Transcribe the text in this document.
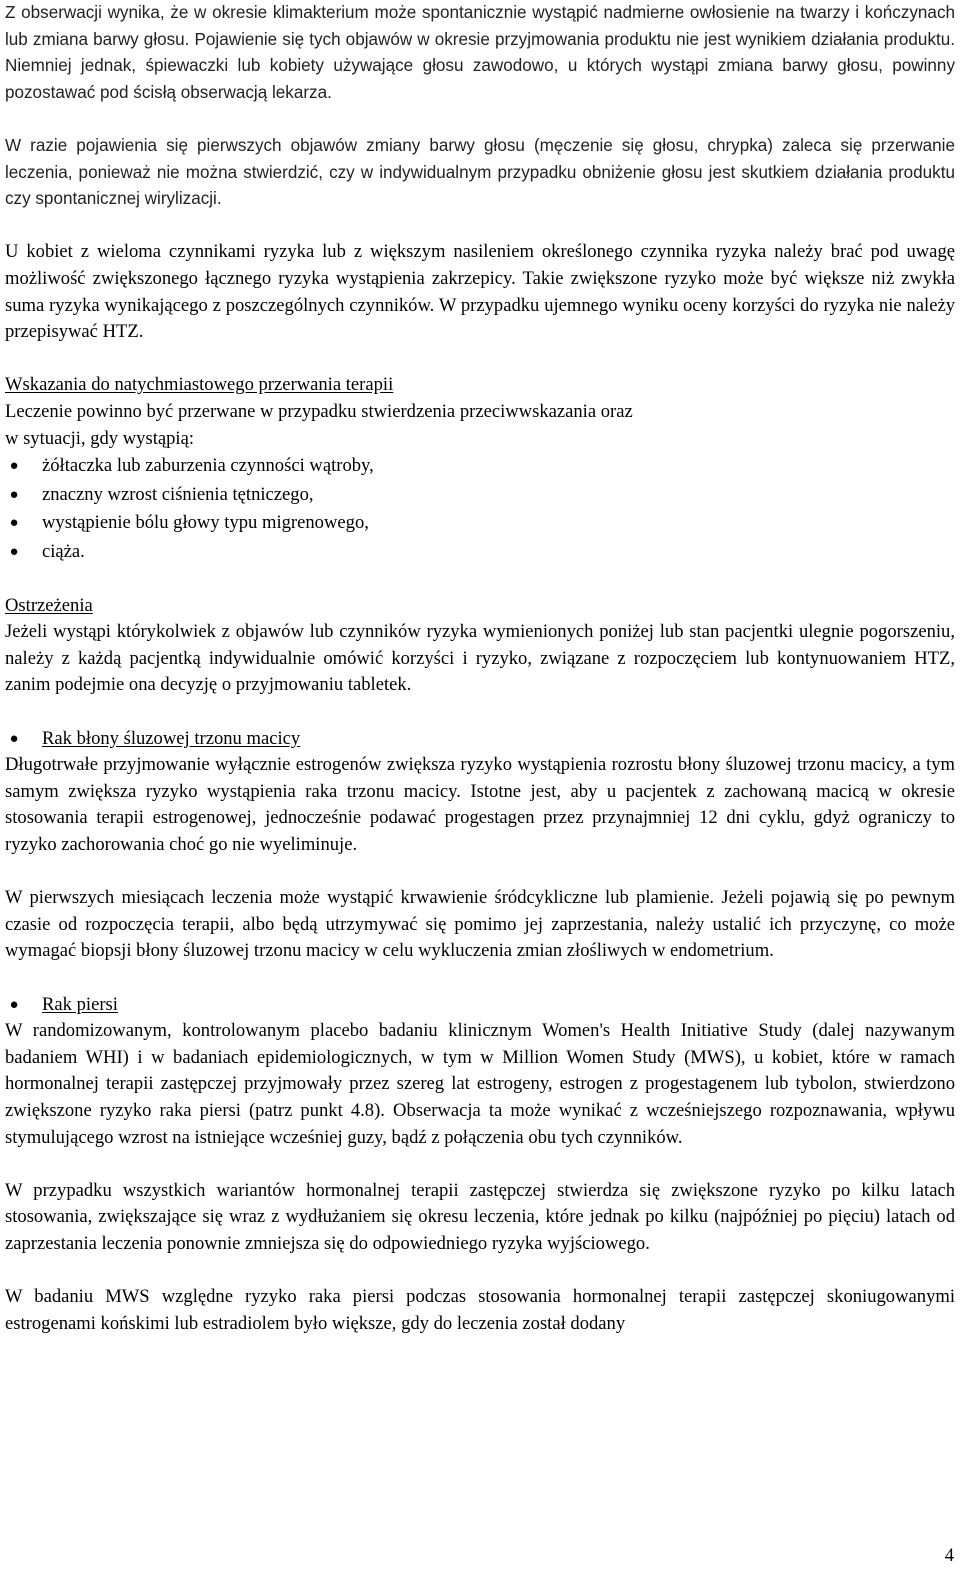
Z obserwacji wynika, że w okresie klimakterium może spontanicznie wystąpić nadmierne owłosienie na twarzy i kończynach lub zmiana barwy głosu. Pojawienie się tych objawów w okresie przyjmowania produktu nie jest wynikiem działania produktu. Niemniej jednak, śpiewaczki lub kobiety używające głosu zawodowo, u których wystąpi zmiana barwy głosu, powinny pozostawać pod ścisłą obserwacją lekarza.

W razie pojawienia się pierwszych objawów zmiany barwy głosu (męczenie się głosu, chrypka) zaleca się przerwanie leczenia, ponieważ nie można stwierdzić, czy w indywidualnym przypadku obniżenie głosu jest skutkiem działania produktu czy spontanicznej wirylizacji.

U kobiet z wieloma czynnikami ryzyka lub z większym nasileniem określonego czynnika ryzyka należy brać pod uwagę możliwość zwiększonego łącznego ryzyka wystąpienia zakrzepicy. Takie zwiększone ryzyko może być większe niż zwykła suma ryzyka wynikającego z poszczególnych czynników. W przypadku ujemnego wyniku oceny korzyści do ryzyka nie należy przepisywać HTZ.

Wskazania do natychmiastowego przerwania terapii

Leczenie powinno być przerwane w przypadku stwierdzenia przeciwwskazania oraz

w sytuacji, gdy wystąpią:

● żółtaczka lub zaburzenia czynności wątroby,
● znaczny wzrost ciśnienia tętniczego,
● wystąpienie bólu głowy typu migrenowego,
● ciąża.

Ostrzeżenia

Jeżeli wystąpi którykolwiek z objawów lub czynników ryzyka wymienionych poniżej lub stan pacjentki ulegnie pogorszeniu, należy z każdą pacjentką indywidualnie omówić korzyści i ryzyko, związane z rozpoczęciem lub kontynuowaniem HTZ, zanim podejmie ona decyzję o przyjmowaniu tabletek.

● Rak błony śluzowej trzonu macicy

Długotrwałe przyjmowanie wyłącznie estrogenów zwiększa ryzyko wystąpienia rozrostu błony śluzowej trzonu macicy, a tym samym zwiększa ryzyko wystąpienia raka trzonu macicy. Istotne jest, aby u pacjentek z zachowaną macicą w okresie stosowania terapii estrogenowej, jednocześnie podawać progestagen przez przynajmniej 12 dni cyklu, gdyż ograniczy to ryzyko zachorowania choć go nie wyeliminuje.

W pierwszych miesiącach leczenia może wystąpić krwawienie śródcykliczne lub plamienie. Jeżeli pojawią się po pewnym czasie od rozpoczęcia terapii, albo będą utrzymywać się pomimo jej zaprzestania, należy ustalić ich przyczynę, co może wymagać biopsji błony śluzowej trzonu macicy w celu wykluczenia zmian złośliwych w endometrium.

● Rak piersi

W randomizowanym, kontrolowanym placebo badaniu klinicznym Women's Health Initiative Study (dalej nazywanym badaniem WHI) i w badaniach epidemiologicznych, w tym w Million Women Study (MWS), u kobiet, które w ramach hormonalnej terapii zastępczej przyjmowały przez szereg lat estrogeny, estrogen z progestagenem lub tybolon, stwierdzono zwiększone ryzyko raka piersi (patrz punkt 4.8). Obserwacja ta może wynikać z wcześniejszego rozpoznawania, wpływu stymulującego wzrost na istniejące wcześniej guzy, bądź z połączenia obu tych czynników.

W przypadku wszystkich wariantów hormonalnej terapii zastępczej stwierdza się zwiększone ryzyko po kilku latach stosowania, zwiększające się wraz z wydłużaniem się okresu leczenia, które jednak po kilku (najpóźniej po pięciu) latach od zaprzestania leczenia ponownie zmniejsza się do odpowiedniego ryzyka wyjściowego.

W badaniu MWS względne ryzyko raka piersi podczas stosowania hormonalnej terapii zastępczej skoniugowanymi estrogenami końskimi lub estradiolem było większe, gdy do leczenia został dodany

4
